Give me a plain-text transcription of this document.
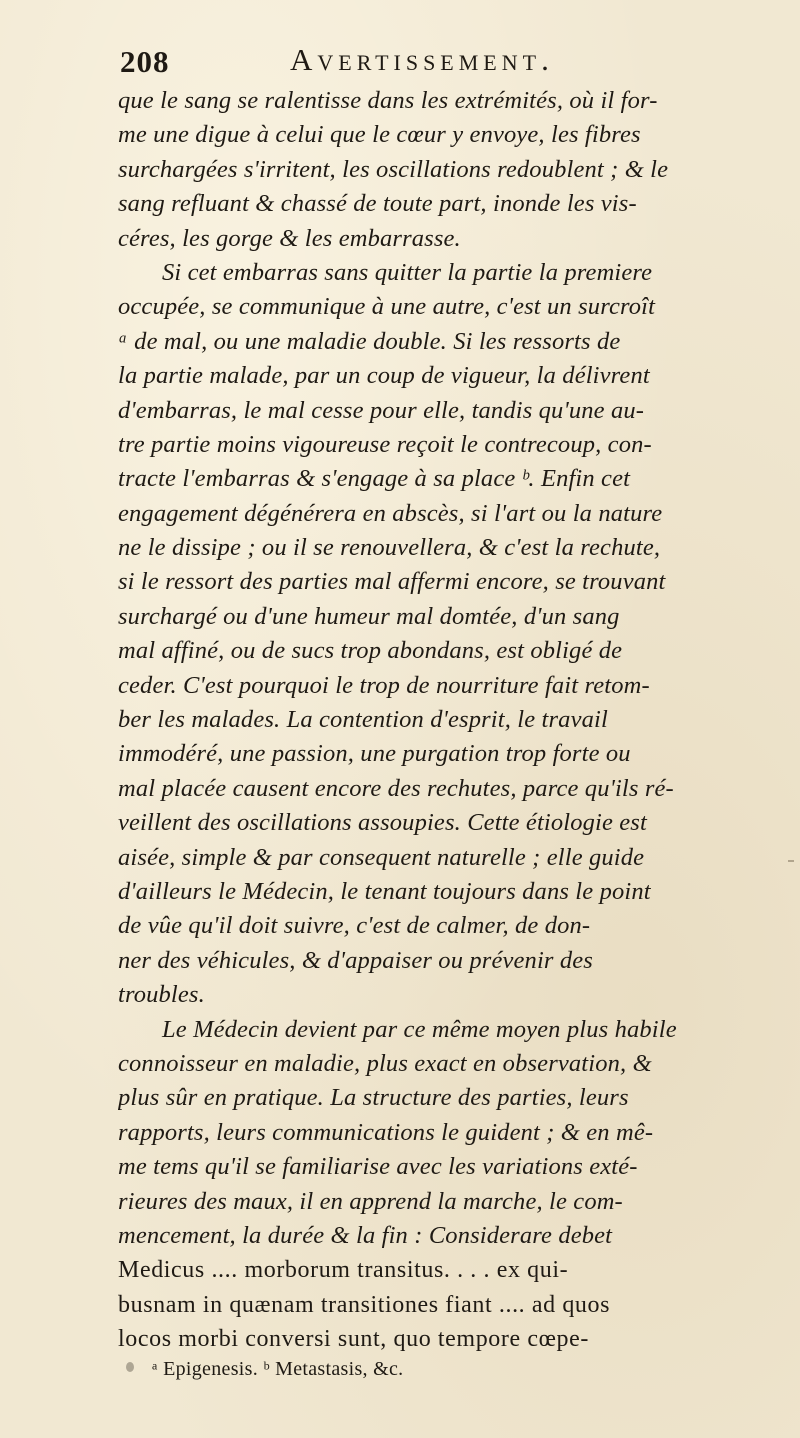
208	Avertissement.
que le sang se ralentisse dans les extrémités, où il for-
me une digue à celui que le cœur y envoye, les fibres
surchargées s'irritent, les oscillations redoublent ; & le
sang refluant & chassé de toute part, inonde les vis-
céres, les gorge & les embarrasse.
Si cet embarras sans quitter la partie la premiere
occupée, se communique à une autre, c'est un surcroît
ᵃ de mal, ou une maladie double. Si les ressorts de
la partie malade, par un coup de vigueur, la délivrent
d'embarras, le mal cesse pour elle, tandis qu'une au-
tre partie moins vigoureuse reçoit le contrecoup, con-
tracte l'embarras & s'engage à sa place ᵇ. Enfin cet
engagement dégénérera en abscès, si l'art ou la nature
ne le dissipe ; ou il se renouvellera, & c'est la rechute,
si le ressort des parties mal affermi encore, se trouvant
surchargé ou d'une humeur mal domtée, d'un sang
mal affiné, ou de sucs trop abondans, est obligé de
ceder. C'est pourquoi le trop de nourriture fait retom-
ber les malades. La contention d'esprit, le travail
immodéré, une passion, une purgation trop forte ou
mal placée causent encore des rechutes, parce qu'ils ré-
veillent des oscillations assoupies. Cette étiologie est
aisée, simple & par consequent naturelle ; elle guide
d'ailleurs le Médecin, le tenant toujours dans le point
de vûe qu'il doit suivre, c'est de calmer, de don-
ner des véhicules, & d'appaiser ou prévenir des
troubles.
Le Médecin devient par ce même moyen plus habile
connoisseur en maladie, plus exact en observation, &
plus sûr en pratique. La structure des parties, leurs
rapports, leurs communications le guident ; & en mê-
me tems qu'il se familiarise avec les variations exté-
rieures des maux, il en apprend la marche, le com-
mencement, la durée & la fin : Considerare debet
Medicus .... morborum transitus. . . . ex qui-
busnam in quænam transitiones fiant .... ad quos
locos morbi conversi sunt, quo tempore cœpe-
ᵃ Epigenesis. ᵇ Metastasis, &c.
